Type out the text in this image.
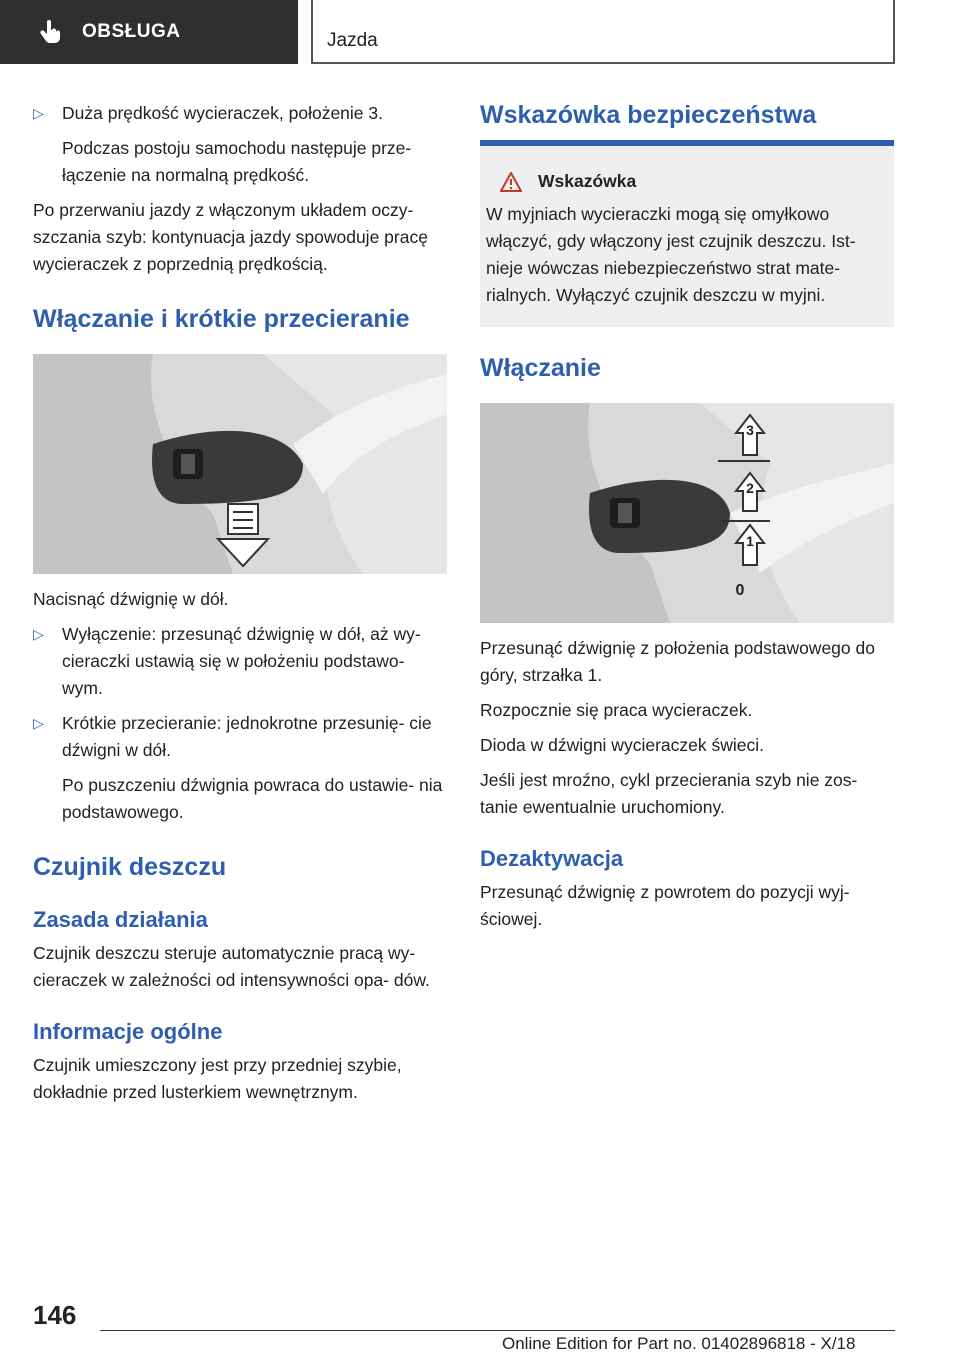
OBSŁUGA	Jazda
▷	Duża prędkość wycieraczek, położenie 3.

Podczas postoju samochodu następuje prze- łączenie na normalną prędkość.

Po przerwaniu jazdy z włączonym układem oczy- szczania szyb: kontynuacja jazdy spowoduje pracę wycieraczek z poprzednią prędkością.

Włączanie i krótkie przecieranie

Nacisnąć dźwignię w dół.

▷	Wyłączenie: przesunąć dźwignię w dół, aż wy- cieraczki ustawią się w położeniu podstawo- wym.
▷	Krótkie przecieranie: jednokrotne przesunię- cie dźwigni w dół.

Po puszczeniu dźwignia powraca do ustawie- nia podstawowego.

Czujnik deszczu
Zasada działania

Czujnik deszczu steruje automatycznie pracą wy- cieraczek w zależności od intensywności opa- dów.

Informacje ogólne

Czujnik umieszczony jest przy przedniej szybie, dokładnie przed lusterkiem wewnętrznym.

Wskazówka bezpieczeństwa
Wskazówka

W myjniach wycieraczki mogą się omyłkowo włączyć, gdy włączony jest czujnik deszczu. Ist- nieje wówczas niebezpieczeństwo strat mate- rialnych. Wyłączyć czujnik deszczu w myjni.

Włączanie
3
2
1
0

Przesunąć dźwignię z położenia podstawowego do góry, strzałka 1.

Rozpocznie się praca wycieraczek.

Dioda w dźwigni wycieraczek świeci.

Jeśli jest mroźno, cykl przecierania szyb nie zos- tanie ewentualnie uruchomiony.

Dezaktywacja

Przesunąć dźwignię z powrotem do pozycji wyj- ściowej.

146
Online Edition for Part no. 01402896818 - X/18
